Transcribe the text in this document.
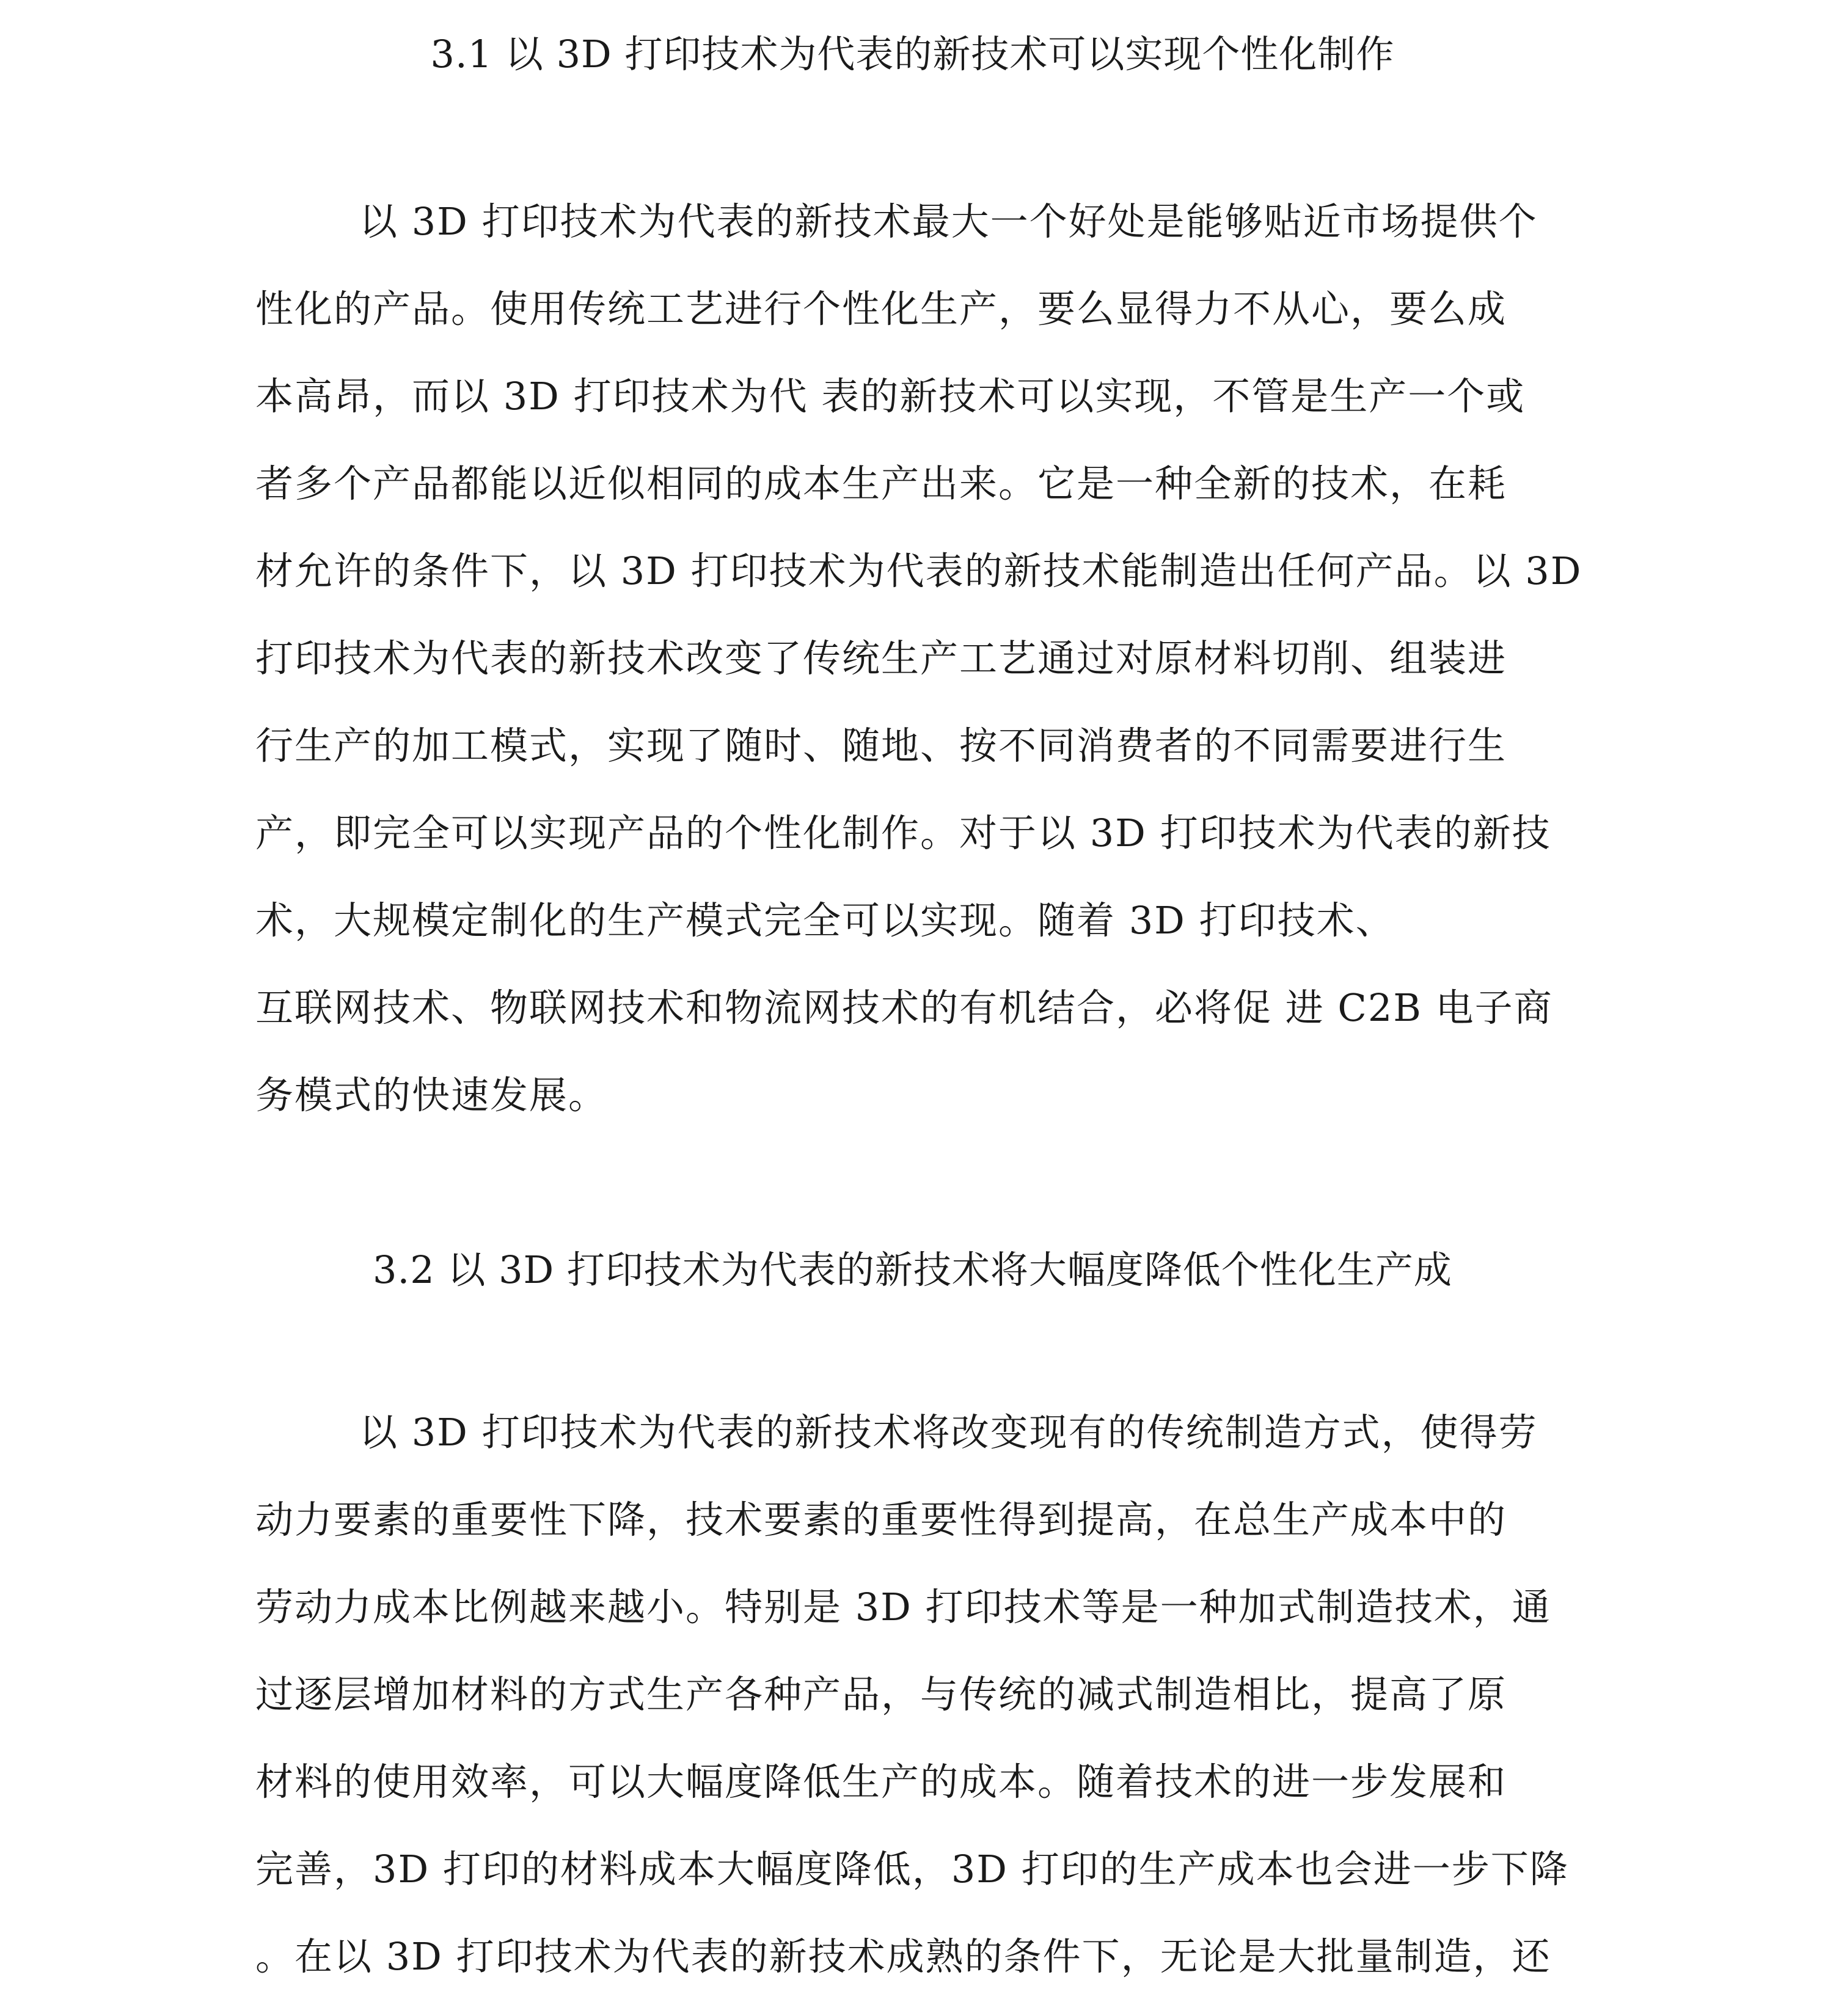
3.1 以 3D 打印技术为代表的新技术可以实现个性化制作
以 3D 打印技术为代表的新技术最大一个好处是能够贴近市场提供个
性化的产品。使用传统工艺进行个性化生产，要么显得力不从心，要么成
本高昂，而以 3D 打印技术为代 表的新技术可以实现，不管是生产一个或
者多个产品都能以近似相同的成本生产出来。它是一种全新的技术，在耗
材允许的条件下，以 3D 打印技术为代表的新技术能制造出任何产品。以 3D
打印技术为代表的新技术改变了传统生产工艺通过对原材料切削、组装进
行生产的加工模式，实现了随时、随地、按不同消费者的不同需要进行生
产，即完全可以实现产品的个性化制作。对于以 3D 打印技术为代表的新技
术，大规模定制化的生产模式完全可以实现。随着 3D 打印技术、
互联网技术、物联网技术和物流网技术的有机结合，必将促 进 C2B 电子商
务模式的快速发展。
3.2 以 3D 打印技术为代表的新技术将大幅度降低个性化生产成
以 3D 打印技术为代表的新技术将改变现有的传统制造方式，使得劳
动力要素的重要性下降，技术要素的重要性得到提高，在总生产成本中的
劳动力成本比例越来越小。特别是 3D 打印技术等是一种加式制造技术，通
过逐层增加材料的方式生产各种产品，与传统的减式制造相比，提高了原
材料的使用效率，可以大幅度降低生产的成本。随着技术的进一步发展和
完善，3D 打印的材料成本大幅度降低，3D 打印的生产成本也会进一步下降
。在以 3D 打印技术为代表的新技术成熟的条件下，无论是大批量制造，还
